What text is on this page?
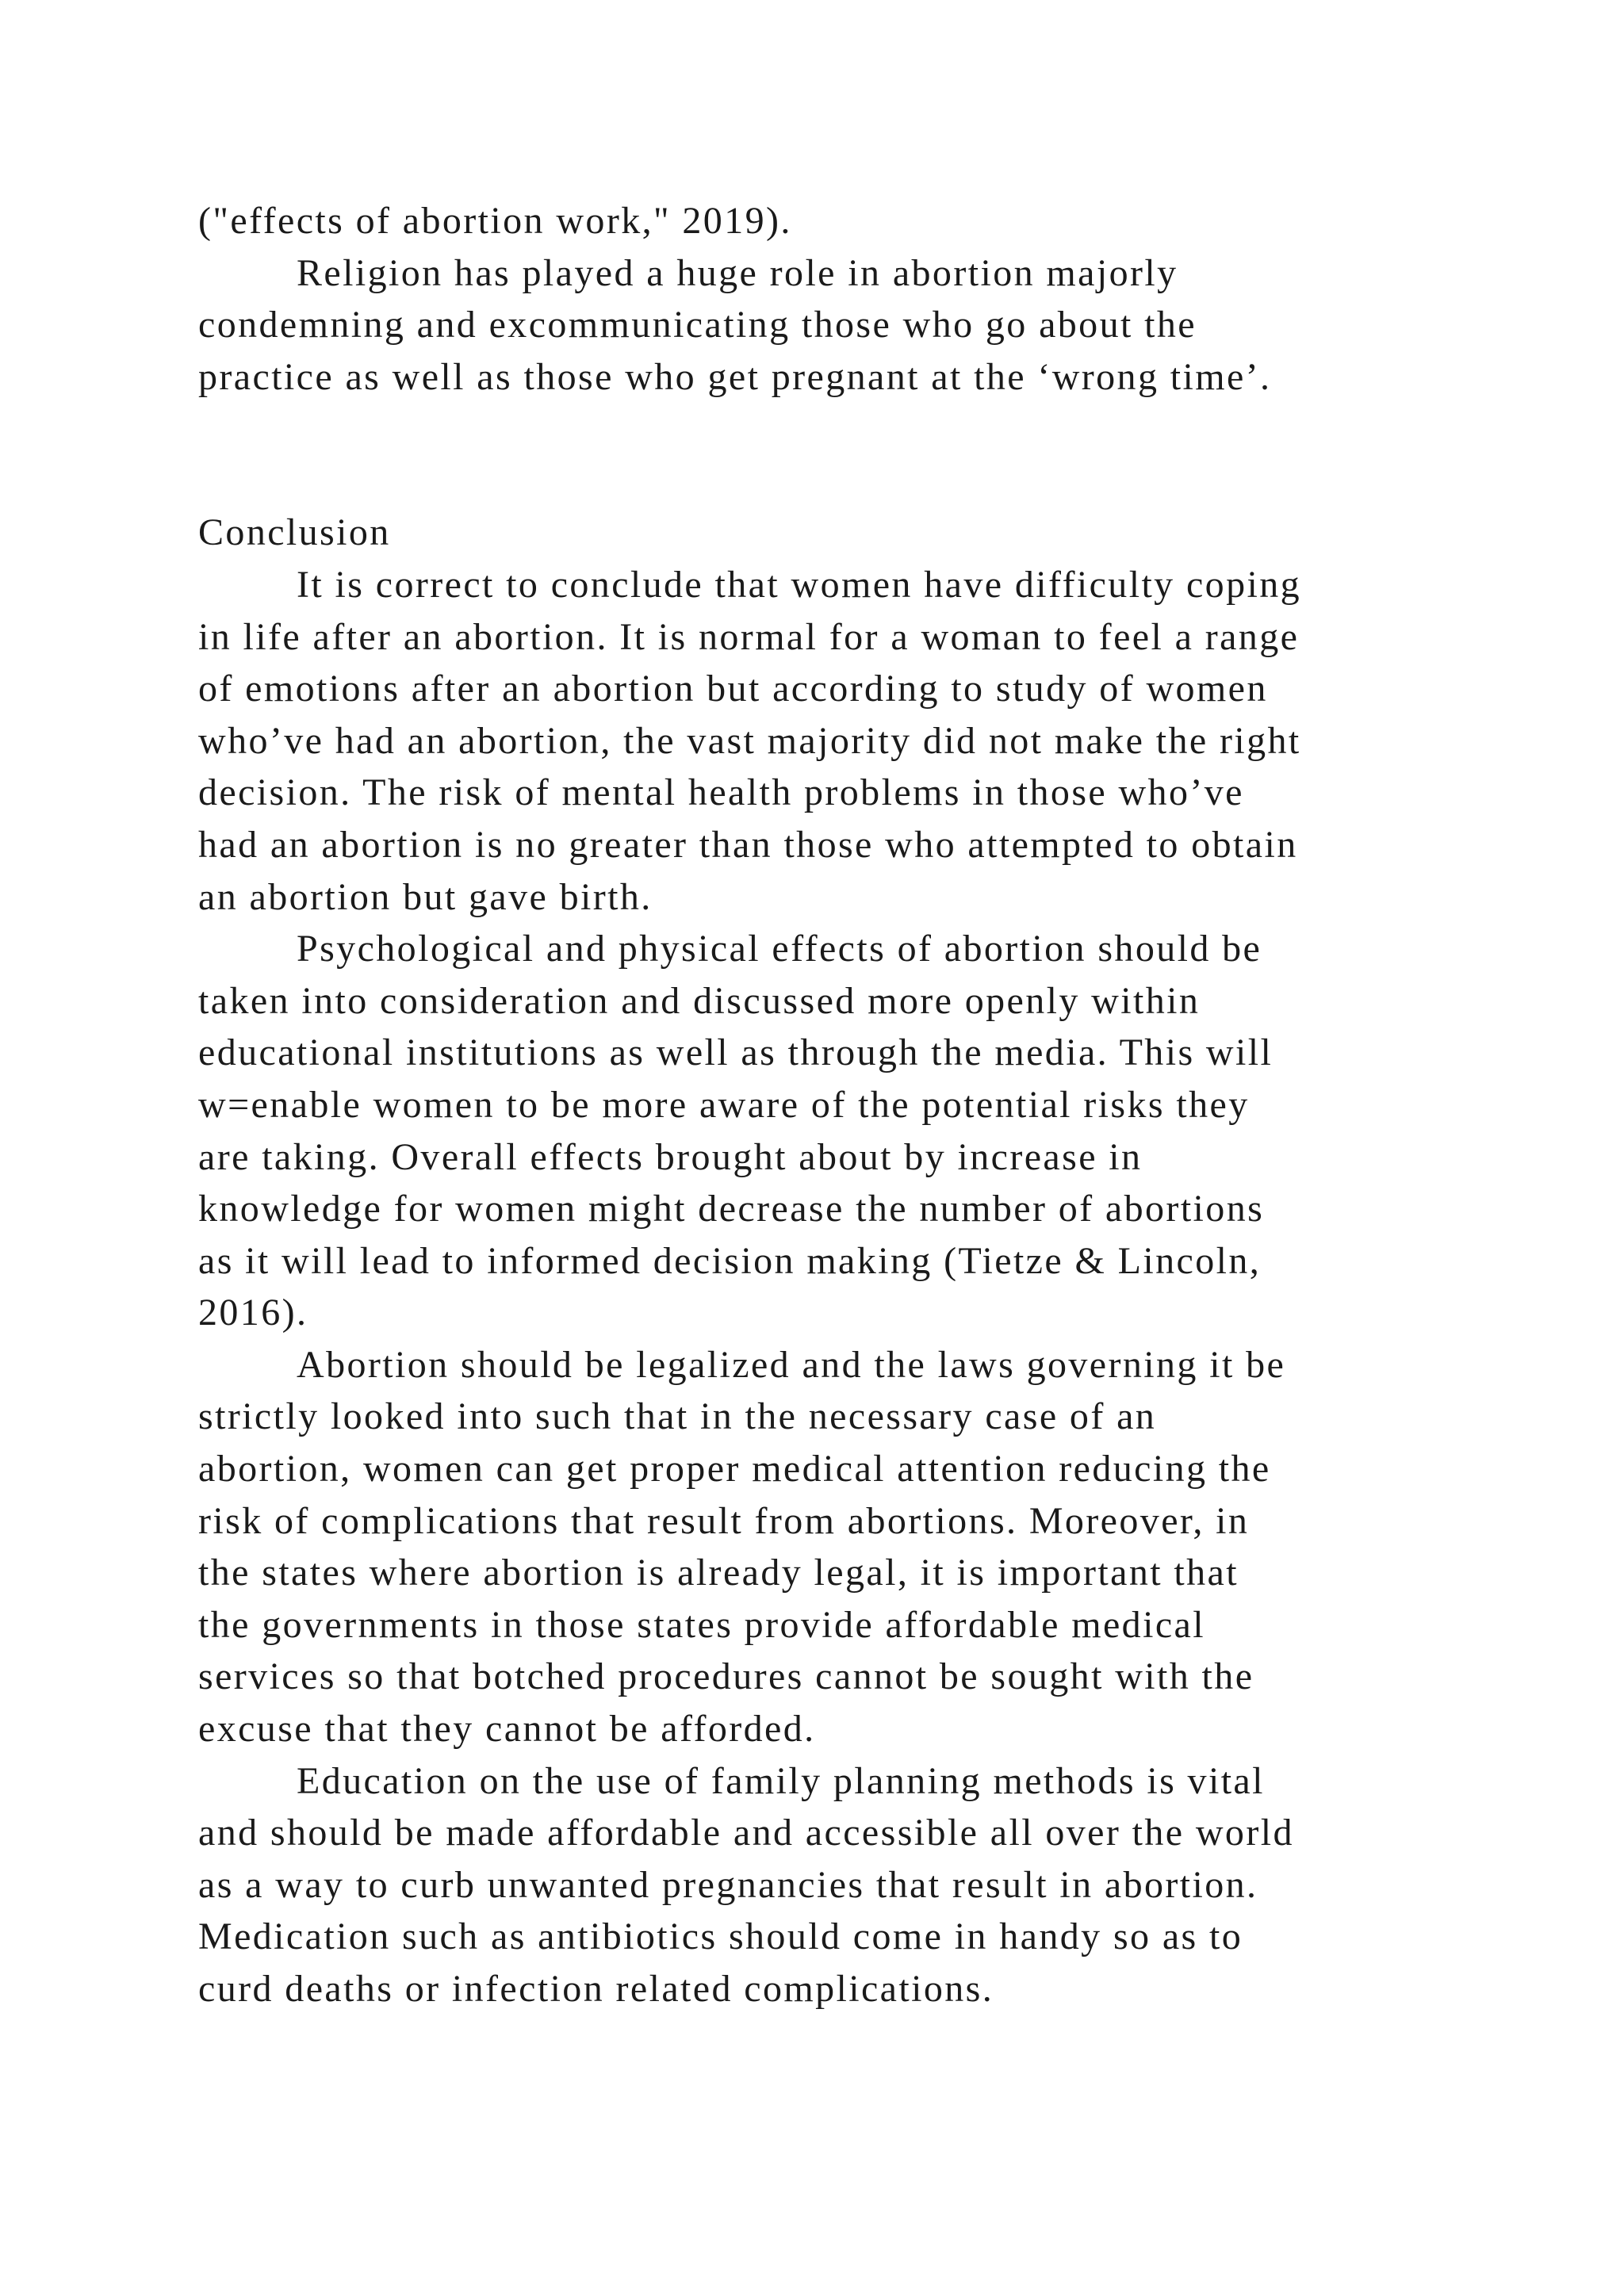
("effects of abortion work," 2019).
Religion has played a huge role in abortion majorly
condemning and excommunicating those who go about the
practice as well as those who get pregnant at the ‘wrong time’.
Conclusion
It is correct to conclude that women have difficulty coping
in life after an abortion. It is normal for a woman to feel a range
of emotions after an abortion but according to study of women
who’ve had an abortion, the vast majority did not make the right
decision. The risk of mental health problems in those who’ve
had an abortion is no greater than those who attempted to obtain
an abortion but gave birth.
Psychological and physical effects of abortion should be
taken into consideration and discussed more openly within
educational institutions as well as through the media. This will
w=enable women to be more aware of the potential risks they
are taking. Overall effects brought about by increase in
knowledge for women might decrease the number of abortions
as it will lead to informed decision making (Tietze & Lincoln,
2016).
Abortion should be legalized and the laws governing it be
strictly looked into such that in the necessary case of an
abortion, women can get proper medical attention reducing the
risk of complications that result from abortions. Moreover, in
the states where abortion is already legal, it is important that
the governments in those states provide affordable medical
services so that botched procedures cannot be sought with the
excuse that they cannot be afforded.
Education on the use of family planning methods is vital
and should be made affordable and accessible all over the world
as a way to curb unwanted pregnancies that result in abortion.
Medication such as antibiotics should come in handy so as to
curd deaths or infection related complications.
